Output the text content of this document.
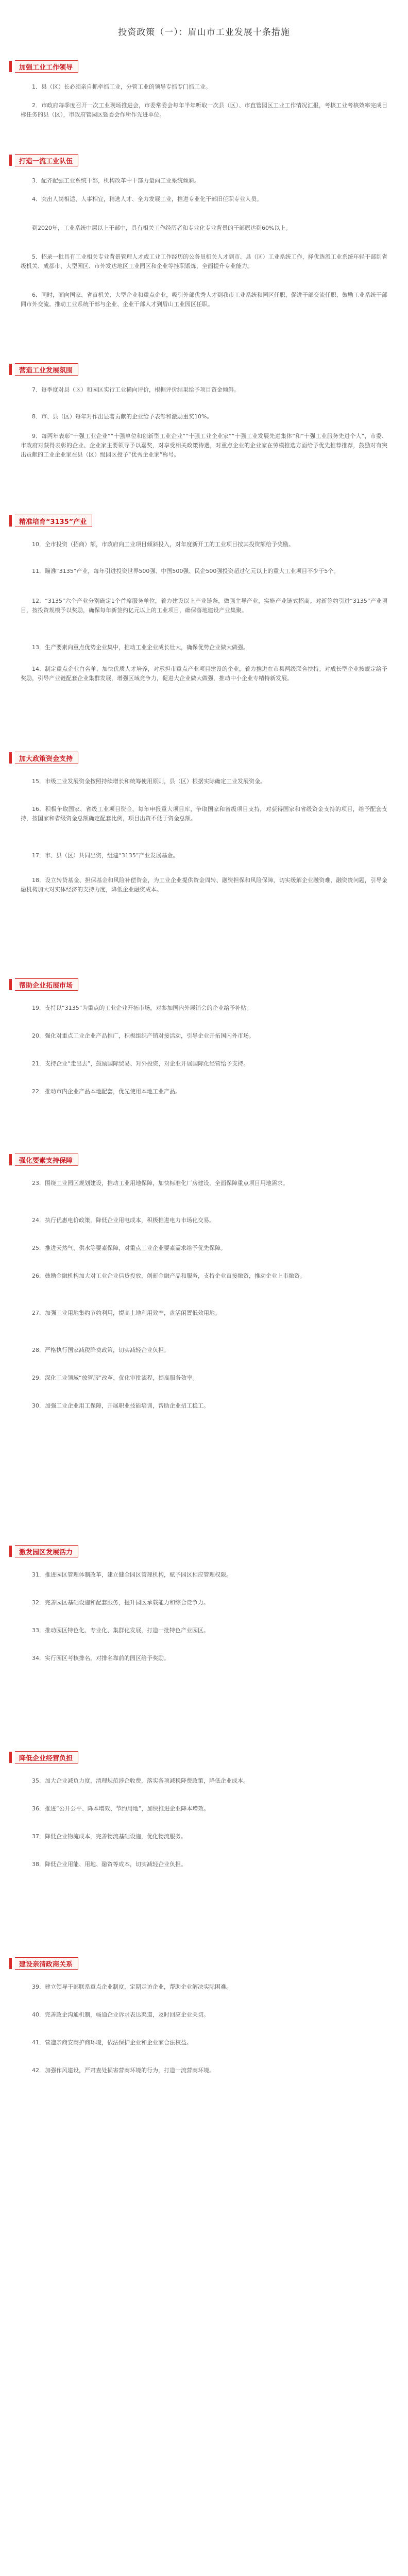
投资政策（一）：眉山市工业发展十条措施
加强工业工作领导

1．县（区）长必须亲自抓牵抓工业，分管工业的领导专抓专门抓工业。

2．市政府每季度召开一次工业现场推进会，市委常委会每年半年听取一次县（区）、市直管园区工业工作情况汇报，考核工业考核效率完成目标任务的县（区），市政府管园区暨委会作所作先进单位。

打造一流工业队伍

3．配齐配强工业系统干部，机构改革中干部力量向工业系统倾斜。

4．突出人岗相适、人事相宜，精选人才、全力发展工业，推进专业化干部旧任职专业人员。

到2020年，工业系统中层以上干部中，具有相关工作经历者和专业化专业背景的干部原达到60%以上。

5．招录一批具有工业相关专业背景管理人才或工业工作经历的公务员机关人才到市、县（区）工业系统工作，择优选派工业系统年轻干部到省级机关、成都市、大型园区、市外发达地区工业园区和企业等挂职锻炼，全面提升专业能力。

6．同时，面向国家、省直机关、大型企业和重点企业，吸引外部优秀人才到我市工业系统和园区任职，促进干部交流任职、鼓励工业系统干部同市外交流。推动工业系统干部与企业、企业干部人才到眉山工业园区任职。

营造工业发展氛围

7．每季度对县（区）和园区实行工业横向评价，根据评价结果给予项目资金倾斜。

8．市、县（区）每年对作出显著贡献的企业给予表彰和激励重奖10%。

9．每两年表彰“十强工业企业”“十强单位和创新型工业企业”“十强工业企业家”“十强工业发展先进集体”和“十强工业服务先进个人”，市委、市政府对获得表彰的企业、企业家主要领导予以嘉奖，对享受相关政策待遇，对重点企业的企业家在劳模推选方面给予优先推荐推荐，鼓励对有突出贡献的工业企业家在县（区）级园区授予“优秀企业家”称号。

精准培育“3135”产业

10．全市投资（招商）额，市政府向工业项目倾斜投入，对年度新开工的工业项目按其投资额给予奖励。

11．瞄准“3135”产业，每年引进投资世界500强、中国500强、民企500强投资超过亿元以上的重大工业项目不少于5个。

12．“3135”六个产业分别确定1个首席服务单位，着力建设以上产业链条，做强主导产业，实施产业链式招商。对新签约引进“3135”产业项目，按投资规模予以奖励，确保每年新签约亿元以上的工业项目，确保落地建设产业集聚。

13．生产要素向重点优势企业集中，推动工业企业成长壮大，确保优势企业做大做强。

14．制定重点企业白名单，加快优质人才培养，对承担市重点产业项目建设的企业，着力推进在市县两级联合扶持。对成长型企业按规定给予奖励，引导产业链配套企业集群发展，增强区域竞争力，促进大企业做大做强，推动中小企业专精特新发展。

加大政策资金支持

15．市级工业发展资金按照持续增长和统筹使用原则，县（区）根据实际确定工业发展资金。

16．积极争取国家、省级工业项目资金，每年申报重大项目库，争取国家和省级项目支持，对获得国家和省级资金支持的项目，给予配套支持，按国家和省级资金总额确定配套比例，项目出资不低于资金总额。

17．市、县（区）共同出资，组建“3135”产业发展基金。

18．设立转贷基金、担保基金和风险补偿资金，为工业企业提供资金周转、融资担保和风险保障，切实缓解企业融资难、融资贵问题，引导金融机构加大对实体经济的支持力度，降低企业融资成本。

帮助企业拓展市场

19．支持以“3135”为重点的工业企业开拓市场，对参加国内外展销会的企业给予补贴。

20．强化对重点工业企业产品推广，积极组织产销对接活动，引导企业开拓国内外市场。

21．支持企业“走出去”，鼓励国际贸易、对外投资，对企业开展国际化经营给予支持。

22．推动市内企业产品本地配套，优先使用本地工业产品。

强化要素支持保障

23．围绕工业园区规划建设，推动工业用地保障，加快标准化厂房建设，全面保障重点项目用地需求。

24．执行优惠电价政策，降低企业用电成本，积极推进电力市场化交易。

25．推进天然气、供水等要素保障，对重点工业企业要素需求给予优先保障。

26．鼓励金融机构加大对工业企业信贷投放，创新金融产品和服务，支持企业直接融资，推动企业上市融资。

27．加强工业用地集约节约利用，提高土地利用效率，盘活闲置低效用地。

28．严格执行国家减税降费政策，切实减轻企业负担。

29．深化工业领域“放管服”改革，优化审批流程，提高服务效率。

30．加强工业企业用工保障，开展职业技能培训，帮助企业招工稳工。

激发园区发展活力

31．推进园区管理体制改革，建立健全园区管理机构，赋予园区相应管理权限。

32．完善园区基础设施和配套服务，提升园区承载能力和综合竞争力。

33．推动园区特色化、专业化、集群化发展，打造一批特色产业园区。

34．实行园区考核排名，对排名靠前的园区给予奖励。

降低企业经营负担

35．加大企业减负力度，清理规范涉企收费，落实各项减税降费政策，降低企业成本。

36．推进“公开公平、降本增效、节约用地”，加快推进企业降本增效。

37．降低企业物流成本，完善物流基础设施，优化物流服务。

38．降低企业用能、用地、融资等成本，切实减轻企业负担。

建设亲清政商关系

39．建立领导干部联系重点企业制度，定期走访企业，帮助企业解决实际困难。

40．完善政企沟通机制，畅通企业诉求表达渠道，及时回应企业关切。

41．营造亲商安商护商环境，依法保护企业和企业家合法权益。

42．加强作风建设，严肃查处损害营商环境的行为，打造一流营商环境。
